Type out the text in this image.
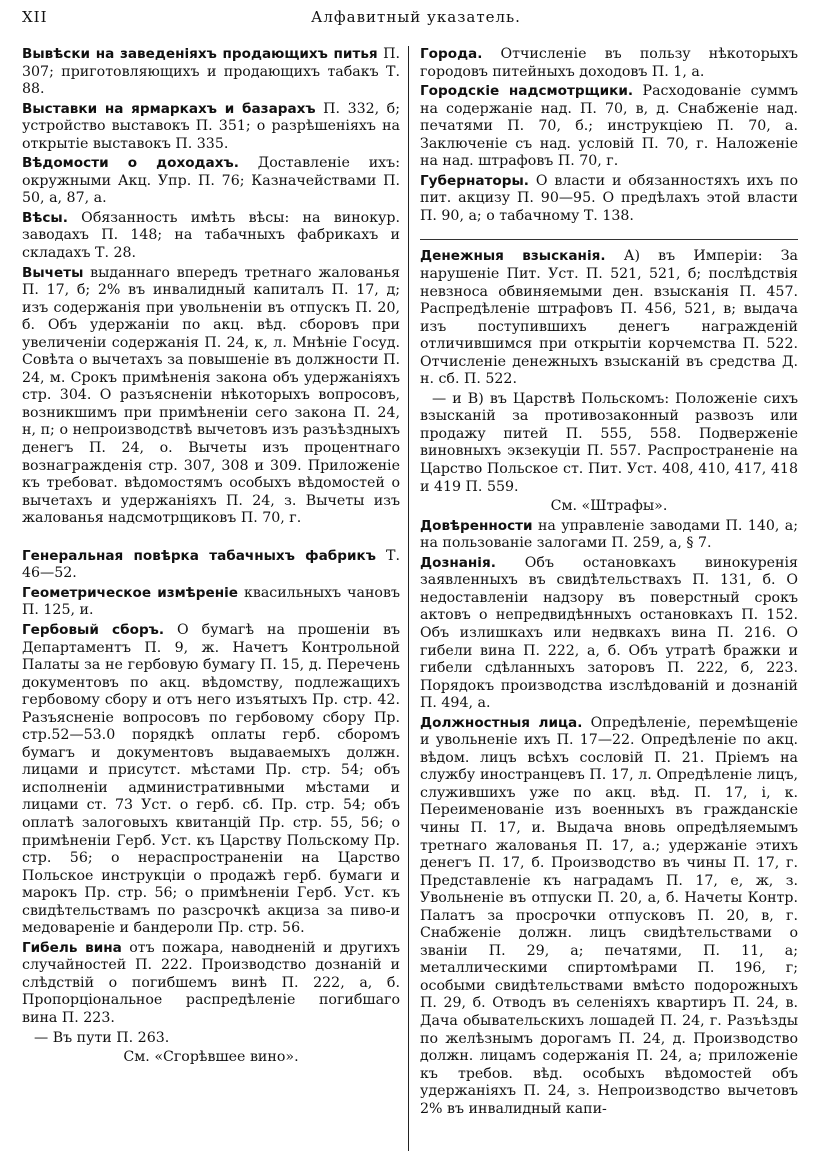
XII	Алфавитный указатель.

Вывѣски на заведеніяхъ продающихъ питья П. 307; приготовляющихъ и продающихъ табакъ Т. 88.

Выставки на ярмаркахъ и базарахъ П. 332, б; устройство выставокъ П. 351; о разрѣшеніяхъ на открытіе выставокъ П. 335.

Вѣдомости о доходахъ. Доставленіе ихъ: окружными Акц. Упр. П. 76; Казначействами П. 50, а, 87, а.

Вѣсы. Обязанность имѣть вѣсы: на винокур. заводахъ П. 148; на табачныхъ фабрикахъ и складахъ Т. 28.

Вычеты выданнаго впередъ третнаго жалованья П. 17, б; 2% въ инвалидный капиталъ П. 17, д; изъ содержанія при увольненіи въ отпускъ П. 20, б. Объ удержаніи по акц. вѣд. сборовъ при увеличеніи содержанія П. 24, к, л. Мнѣніе Госуд. Совѣта о вычетахъ за повышеніе въ должности П. 24, м. Срокъ примѣненія закона объ удержаніяхъ стр. 304. О разъясненіи нѣкоторыхъ вопросовъ, возникшимъ при примѣненіи сего закона П. 24, н, п; о непроизводствѣ вычетовъ изъ разъѣздныхъ денегъ П. 24, о. Вычеты изъ процентнаго вознагражденія стр. 307, 308 и 309. Приложеніе къ требоват. вѣдомостямъ особыхъ вѣдомостей о вычетахъ и удержаніяхъ П. 24, з. Вычеты изъ жалованья надсмотрщиковъ П. 70, г.

Генеральная повѣрка табачныхъ фабрикъ Т. 46—52.

Геометрическое измѣреніе квасильныхъ чановъ П. 125, и.

Гербовый сборъ. О бумагѣ на прошеніи въ Департаментъ П. 9, ж. Начетъ Контрольной Палаты за не гербовую бумагу П. 15, д. Перечень документовъ по акц. вѣдомству, подлежащихъ гербовому сбору и отъ него изъятыхъ Пр. стр. 42. Разъясненіе вопросовъ по гербовому сбору Пр. стр.52—53.0 порядкѣ оплаты герб. сборомъ бумагъ и документовъ выдаваемыхъ должн. лицами и присутст. мѣстами Пр. стр. 54; объ исполненіи административными мѣстами и лицами ст. 73 Уст. о герб. сб. Пр. стр. 54; объ оплатѣ залоговыхъ квитанцій Пр. стр. 55, 56; о примѣненіи Герб. Уст. къ Царству Польскому Пр. стр. 56; о нераспространеніи на Царство Польское инструкціи о продажѣ герб. бумаги и марокъ Пр. стр. 56; о примѣненіи Герб. Уст. къ свидѣтельствамъ по разсрочкѣ акциза за пиво-и медовареніе и бандероли Пр. стр. 56.

Гибель вина отъ пожара, наводненій и другихъ случайностей П. 222. Производство дознаній и слѣдствій о погибшемъ винѣ П. 222, а, б. Пропорціональное распредѣленіе погибшаго вина П. 223.

— Въ пути П. 263.

См. «Сгорѣвшее вино».

Города. Отчисленіе въ пользу нѣкоторыхъ городовъ питейныхъ доходовъ П. 1, а.

Городскіе надсмотрщики. Расходованіе суммъ на содержаніе над. П. 70, в, д. Снабженіе над. печатями П. 70, б.; инструкціею П. 70, а. Заключеніе съ над. условій П. 70, г. Наложеніе на над. штрафовъ П. 70, г.

Губернаторы. О власти и обязанностяхъ ихъ по пит. акцизу П. 90—95. О предѣлахъ этой власти П. 90, а; о табачному Т. 138.

Денежныя взысканія. А) въ Имперіи: За нарушеніе Пит. Уст. П. 521, 521, б; послѣдствія невзноса обвиняемыми ден. взысканія П. 457. Распредѣленіе штрафовъ П. 456, 521, в; выдача изъ поступившихъ денегъ награжденій отличившимся при открытіи корчемства П. 522. Отчисленіе денежныхъ взысканій въ средства Д. н. сб. П. 522.

— и В) въ Царствѣ Польскомъ: Положеніе сихъ взысканій за противозаконный развозъ или продажу питей П. 555, 558. Подверженіе виновныхъ экзекуціи П. 557. Распространеніе на Царство Польское ст. Пит. Уст. 408, 410, 417, 418 и 419 П. 559.

См. «Штрафы».

Довѣренности на управленіе заводами П. 140, а; на пользованіе залогами П. 259, а, § 7.

Дознанія. Объ остановкахъ винокуренія заявленныхъ въ свидѣтельствахъ П. 131, б. О недоставленіи надзору въ поверстный срокъ актовъ о непредвидѣнныхъ остановкахъ П. 152. Объ излишкахъ или недвкахъ вина П. 216. О гибели вина П. 222, а, б. Объ утратѣ бражки и гибели сдѣланныхъ заторовъ П. 222, б, 223. Порядокъ производства изслѣдованій и дознаній П. 494, а.

Должностныя лица. Опредѣленіе, перемѣщеніе и увольненіе ихъ П. 17—22. Опредѣленіе по акц. вѣдом. лицъ всѣхъ сословій П. 21. Пріемъ на службу иностранцевъ П. 17, л. Опредѣленіе лицъ, служившихъ уже по акц. вѣд. П. 17, і, к. Переименованіе изъ военныхъ въ гражданскіе чины П. 17, и. Выдача вновь опредѣляемымъ третнаго жалованья П. 17, а.; удержаніе этихъ денегъ П. 17, б. Производство въ чины П. 17, г. Представленіе къ наградамъ П. 17, е, ж, з. Увольненіе въ отпуски П. 20, а, б. Начеты Контр. Палатъ за просрочки отпусковъ П. 20, в, г. Снабженіе должн. лицъ свидѣтельствами о званіи П. 29, а; печатями, П. 11, а; металлическими спиртомѣрами П. 196, г; особыми свидѣтельствами вмѣсто подорожныхъ П. 29, б. Отводъ въ селеніяхъ квартиръ П. 24, в. Дача обывательскихъ лошадей П. 24, г. Разъѣзды по желѣзнымъ дорогамъ П. 24, д. Производство должн. лицамъ содержанія П. 24, а; приложеніе къ требов. вѣд. особыхъ вѣдомостей объ удержаніяхъ П. 24, з. Непроизводство вычетовъ 2% въ инвалидный капи-
